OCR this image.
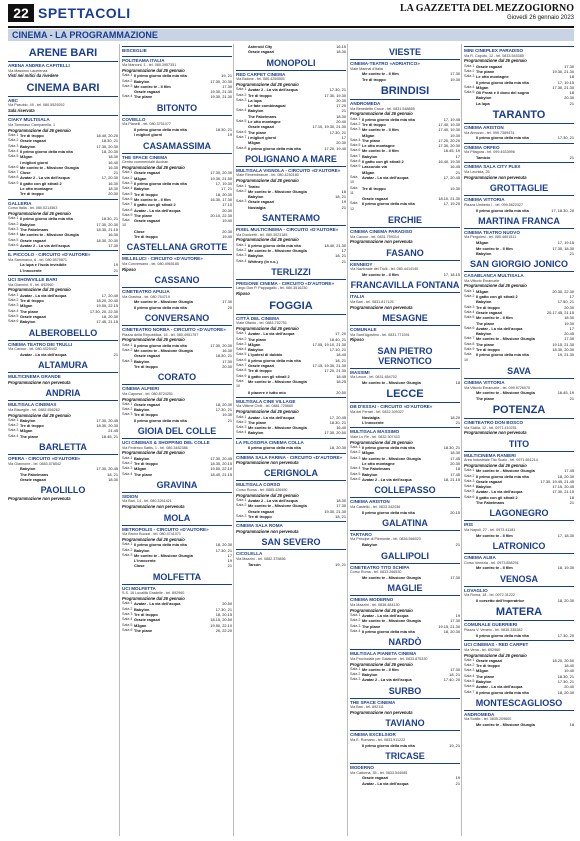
22 SPETTACOLI	LA GAZZETTA DEL MEZZOGIORNO
Giovedì 26 gennaio 2023
CINEMA - LA PROGRAMMAZIONE
ARENE BARI
ARENA ANDREA CAPITELLI
Via Massimo Lacerenza
Visti nei mitici da rivedere
CINEMA BARI
ABC
Via Pasubio, 49 - tel. 080.5529292
Sala riservata
CIAKY MULTISALA
Via Tommaso Campanella, 1
Programmazione dal 26 gennaio
Sala 1 Tre di troppo	18.40, 20.20
Sala 2 Grazie ragazzi	18.30, 21
Sala 3 Babylon	17.30, 20.30
Sala 4 Il primo giorno della mia vita	18, 20.30
Sala 5 M3gan	18.30
I migliori giorni	16.40
Sala 6 Me contro te - Missione Giungla	16.30
Sala 7 Close	21
Sala 8 Avatar 2 - La via dell'acqua	17, 20.30
Sala 9 Il gatto con gli stivali 2	16.30
Le otto montagne	18.30
Tre di troppo	20.30
GALLERIA
Corso Italia - tel. 080.5214563
Programmazione dal 26 gennaio
Sala 1 Il primo giorno della mia vita	18.30, 21
Sala 2 Babylon	17.30, 20.30
Sala 3 The Fabelmans	18.30, 21.15
Sala 4 Me contro te - Missione Giungla	16.30
Sala 5 Grazie ragazzi	18.30, 20.30
Sala 6 Avatar 2 - La via dell'acqua	17.30
IL PICCOLO - CIRCUITO «D'AUTORE»
Via Sammarco, 6 - tel. 080.5579871
La lupa e l'isola invisibile	19
L'innocente	21
UCI SHOWVILLE BARI
Via Giannini, 9 - tel. 892960
Programmazione dal 26 gennaio
Sala 1 Avatar - La via dell'acqua	17, 20.40
Sala 2 Tre di troppo	18.20, 20.40
Sala 3 M3gan	19.50, 22.15
Sala 4 The plane	17.30, 20, 22.30
Sala 5 Grazie ragazzi	18, 20.30
Sala 6 Babylon	17.45, 21.15
ALBEROBELLO
CINEMA TEATRO DEI TRULLI
Via Cavour - tel. 080.4325442
Avatar - La via dell'acqua	21
ALTAMURA
MULTICINEMA GRANDE
Programmazione non pervenuta
ANDRIA
MULTISALA CINEMAX
Via Bisceglie - tel. 0883.556262
Programmazione dal 26 gennaio
Sala 1 Babylon	17.30, 20.45
Sala 2 Tre di troppo	18.30, 20.30
Sala 3 M3gan	21.45
Sala 4 The plane	18.45, 21
BARLETTA
OPERA - CIRCUITO «D'AUTORE»
Via Giannone - tel. 0883.578542
Babylon	17.30, 20.45
The Fabelmans	18, 21
Grazie ragazzi	18.30
PAOLILLO
Programmazione non pervenuta
BISCEGLIE
POLITEAMA ITALIA
Via Marconi, 1 - tel. 080.3957351
Programmazione dal 26 gennaio
Sala 1 Il primo giorno della mia vita	19, 21
Sala 2 Babylon	17.30, 20.30
Sala 3 Me contro te - Il film	17.30
Grazie ragazzi	19.30, 21.30
Sala 4 The plane	19.30, 21.30
BITONTO
COVIELLO
Via Planelli - tel. 080.3751077
Il primo giorno della mia vita	18.30, 21
I migliori giorni	19
CASAMASSIMA
THE SPACE CINEMA
Centro commerciale Auchan
Programmazione dal 26 gennaio
Sala 1 Grazie ragazzi	17.30, 20.30
Sala 2 M3gan	19.30, 21.50
Sala 3 Il primo giorno della mia vita	17, 19.30
Sala 4 Babylon	17, 21
Sala 5 Tre di troppo	18, 20.30
Sala 6 Me contro te - Il film	16.30, 17.30
Sala 7 Il gatto con gli stivali 2	17.10
Sala 8 Avatar - La via dell'acqua	20.30
Sala 9 The plane	20.10, 22.30
Sala 10
Grazie ragazzi	19.40
Close	20.30
Tre di troppo	19.40
CASTELLANA GROTTE
MILLELUCI - CIRCUITO «D'AUTORE»
Via Conversano - tel. 080.4965185
Riposo
CASSANO
CINETEATRO APULIA
Via Gravina - tel. 080.764719
Me contro te - Missione Giungla	17.30
Il primo giorno della mia vita	20
CONVERSANO
CINETEATRO NORBA - CIRCUITO «D'AUTORE»
Piazza della Repubblica, 16 - tel. 080.4951757
Programmazione dal 26 gennaio
Sala 1 Il primo giorno della mia vita	17.30, 20.30
Sala 2 Me contro te - Missione Giungla	16.30
Grazie ragazzi	18.30, 21
Sala 3 Babylon	17.30
Tre di troppo	20.30
CORATO
CINEMA ALFIERI
Via Capurso - tel. 080.8724251
Programmazione dal 26 gennaio
Sala 1 Grazie ragazzi	18, 20.30
Sala 2 Babylon	17.30, 21
Sala 3 Tre di troppo	19.30
Il primo giorno della mia vita	21
GIOIA DEL COLLE
UCI CINEMAS & SHOPPING DEL COLLE
Via Federico Sattis, 1 - tel. 080.3482386
Programmazione dal 26 gennaio
Sala 1 Babylon	17.30, 20.45
Sala 2 Tre di troppo	18.30, 20.15
Sala 3 M3gan	19.50, 22.10
Sala 4 The plane	18.40, 21.15
GRAVINA
SIDION
Via Bari, 14 - tel. 080.3261421
Programmazione non pervenuta
MOLA
METROPOLIS - CIRCUITO «D'AUTORE»
Via Bruno Buozzi - tel. 080.4741071
Programmazione dal 26 gennaio
Sala 1 Il primo giorno della mia vita	18, 20.30
Sala 2 Babylon	17.30, 21
Sala 3 Me contro te - Missione Giungla	17
L'innocente	19
Close	21
MOLFETTA
UCI MOLFETTA
S.S. 16 Località Gradelle - tel. 892960
Programmazione dal 26 gennaio
Sala 1 Avatar - La via dell'acqua	20.50
Sala 2 Babylon	17.30, 21
Sala 3 Tre di troppo	18, 20.15
Sala 4 Grazie ragazzi	18.15, 20.50
Sala 5 M3gan	19.50, 22.10
Sala 6 The plane	20, 22.20
Asteroid City	16.15
Grazie ragazzi	18.30
MONOPOLI
RED CARPET CINEMA
Via Baione - tel. 080.4255555
Programmazione dal 26 gennaio
Sala 1 Avatar 2 - La via dell'acqua	17.30, 21
Sala 2 Tre di troppo	17.30, 19.30
Sala 3 La lupa	20.30
Le fate combinaguai	17.20
Sala 4 Babylon	21
The Fabelmans	18.30
Sala 5 Le otto montagne	20.40
Grazie ragazzi	17.10, 19.30, 21.30
Sala 6 The plane	17.30, 21
Sala 7 I migliori giorni	17
M3gan	20.30
Sala 8 Il primo giorno della mia vita	17.20, 19.40
POLIGNANO A MARE
MULTISALA VIGNOLA - CIRCUITO «D'AUTORE»
Viale Rimembranze - tel. 080.4240180
Programmazione dal 26 gennaio
Sala 1 Teatro
Sala 2 Me contro te - Missione Giungla	16
Babylon	18, 21
Sala 3 Grazie ragazzi	19
Nostalgia	21
SANTERAMO
PIXEL MULTICINEMA - CIRCUITO «D'AUTORE»
Via Donizetti - tel. 080.3023185
Programmazione dal 26 gennaio
Sala 1 Il primo giorno della mia vita	18.40, 21.30
Sala 2 Me contro te - Missione Giungla	17
Sala 3 Babylon	18, 21
Sala 4 Whitney (In v.o.)	21
TERLIZZI
PRIGIONE CINEMA - CIRCUITO «D'AUTORE»
Largo Don P. Pappagallo - tel. 080.3516230
Riposo
FOGGIA
CITTÀ DEL CINEMA
Viale Ofanto - tel. 0881.752751
Programmazione dal 26 gennaio
Sala 1 Avatar - La via dell'acqua	17, 20
Sala 2 The plane	18.40, 21
Sala 3 M3gan	17.05, 19.10, 21.30
Sala 4 Babylon	17.10, 21
Sala 5 L'ipotesi di dubbio	18.40
Sala 6 Il primo giorno della mia vita	18, 21
Sala 7 Grazie ragazzi	17.15, 19.30, 21.30
Sala 8 Tre di troppo	17.20, 21.30
Sala 9 Il gatto con gli stivali 2	18.45
Sala 10
Me contro te - Missione Giungla	18.25
Il piacere è tutto mio	20.50
MULTISALA CINE VILLAGE
Via Vittime Civili - tel. 0881.725660
Programmazione dal 26 gennaio
Sala 1 Avatar - La via dell'acqua	17, 20.45
Sala 2 The plane	18.30, 21
Sala 3 Me contro te - Missione Giungla	16.40
Sala 4 Babylon	17.30, 20.50
LA FILOSOFIA CINEMA COLLA
Il primo giorno della mia vita	18, 20.30
CINEMA SALA FARINA - CIRCUITO «D'AUTORE»
Programmazione non pervenuta
CERIGNOLA
MULTISALA CORSO
Corso Roma - tel. 0885.426490
Programmazione dal 26 gennaio
Sala 1 Avatar 2 - La via dell'acqua	18.30
Sala 2 Me contro te - Missione Giungla	17.30
Grazie ragazzi	19.30, 21.30
Sala 3 Tre di troppo	18, 21
CINEMA SALA ROMA
Programmazione non pervenuta
SAN SEVERO
CICOLELLA
Via Mazzini - tel. 0882.375856
Tarcón	19, 21
VIESTE
CINEMA-TEATRO «ADRIATICO»
Viale Marinai d'Italia
Me contro te - Il film	17.30
Tre di troppo	19.30
BRINDISI
ANDROMEDA
Via Benedetto Croce - tel. 0831.548855
Programmazione dal 26 gennaio
Sala 1 Il primo giorno della mia vita	17, 19.45
Sala 2 Tre di troppo	17.40, 19.30
Sala 3 Me contro te - Il film	17.40, 19.30
M3gan	19.30
Sala 4 The plane	17.20, 20.20
Sala 5 Le otto montagne	17.30, 20.30
Sala 6 Me contro te - Il film	16.45, 19
Sala 7 Babylon	17
Sala 8 Il gatto con gli stivali 2	16.40, 19.30
Sala 9 Lascondo via	16.45
M3gan	21
Sala 10
Avatar - La via dell'acqua	17, 20.45
Sala 11
Tre di troppo	19.30
Grazie ragazzi	18.10, 21.30
Sala 12
Il primo giorno della mia vita	17, 19.20
ERCHIE
CINEMA CINEMA PARADISO
Via Cavour - tel. 0831.759314
Programmazione non pervenuta
FASANO
KENNEDY
Via Nazionale dei Trulli - tel. 080.4414140
Me contro te - Il film	17, 18.15
FRANCAVILLA FONTANA
ITALIA
Via Bari - tel. 0831.817125
Programmazione non pervenuta
MESAGNE
COMUNALE
Via Sant'Agostino - tel. 0831.771591
Riposo
SAN PIETRO VERNOTICO
MASSIMI
Via Lecce - tel. 0831.654702
Me contro te - Missione Giungla	18
LECCE
DB D'ESSAI - CIRCUITO «D'AUTORE»
Via dei Ferrari - tel. 0832.309327
Nostalgia	18.20
L'innocente	21
MULTISALA MASSIMO
Viale Lo Re - tel. 0832.307433
Programmazione dal 26 gennaio
Sala 1 Il primo giorno della mia vita	18.30, 21
Sala 2 M3gan	18.30
Sala 3 Me contro te - Missione Giungla	17.45
Le otto montagne	20.30
Sala 4 The Fabelmans	18
Sala 5 Babylon	17.45
Sala 6 Avatar 2 - La via dell'acqua	18, 21.15
COLLEPASSO
CINEMA ARISTON
Via Castello - tel. 0833.342036
Il primo giorno della mia vita	20.15
GALATINA
TARTARO
Via Principe di Piemonte - tel. 0836.566023
Babylon	21
GALLIPOLI
CINETEATRO TITO SCHIPA
Corso Roma - tel. 0833.266530
Me contro te - Missione Giungla	17.30
MAGLIE
CINEMA MODERNO
Via Mazzini - tel. 0836.484130
Programmazione dal 26 gennaio
Sala 1 Avatar - La via dell'acqua	19
Sala 2 Me contro te - Missione Giungla	17.30
Sala 3 The plane	19.15, 21.30
Sala 4 Il primo giorno della mia vita	18, 20.30
NARDÒ
MULTISALA PIANETA CINEMA
Via Provinciale per Galatone - tel. 0833.875330
Programmazione dal 26 gennaio
Sala 1 Me contro te - Il film	17.30
Sala 2 Babylon	18, 21
Sala 3 Avatar 2 - La via dell'acqua	17.40, 20
SURBO
THE SPACE CINEMA
Via Bari - tel. 892111
Programmazione non pervenuta
TAVIANO
CINEMA EXCELSIOR
Via E. Romano - tel. 0833.911222
Il primo giorno della mia vita	19, 21
TRICASE
MODERNO
Via Cadorna, 35 - tel. 0833.544085
Grazie ragazzi	19
Avatar - La via dell'acqua	21
MINI CINEPLEX PARADISO
Via R. Caputo, 12 - tel. 0833.545385
Programmazione dal 26 gennaio
Sala 1 Grazie ragazzi	17.30
Sala 2 The plane	19.30, 21.30
Sala 3 Le otto montagne	18
Il primo giorno della mia vita	17, 19.15
Sala 4 M3gan	17.30, 21.30
Sala 5 Gli Freak e il dono del sogno	18
Babylon	20.30
La lupa	21
TARANTO
CINEMA ARISTON
Via Abruzzo - tel. 099.7369474
Il primo giorno della mia vita	17.30, 21
CINEMA ORFEO
Via Pitagora - tel. 099.4533996
Tamicio	21
CINEMA SALA CITY PLEX
Via Leonida, 25
Programmazione non pervenuta
GROTTAGLIE
CINEMA VITTORIA
Piazza Umberto I - tel. 099.5622327
Il primo giorno della mia vita	17, 18.30, 20
MARTINA FRANCA
CINEMA TEATRO NUOVO
Via Pergolesi - tel. 080.4801511
M3gan	17, 19.15
Me contro te - Il film	17.30, 18.30
Babylon	21
SAN GIORGIO JONICO
CASABLANCA MULTISALA
Via Vittorio Emanuele
Programmazione dal 26 gennaio
Sala 1 M3gan	20.30, 22.30
Sala 2 Il gatto con gli stivali 2	17
Babylon	17.50, 21
Sala 3 Tre di troppo	20.30
Sala 4 Grazie ragazzi	20.17.45, 21.15
Sala 5 Me contro te - Il film	18.30
The plane	19.30
Sala 6 Avatar - La via dell'acqua	17
Babylon	20.45
Sala 7 Me contro te - Missione Giungla	17.30
Sala 8 The plane	19.15, 21.30
Sala 9 Tre di troppo	18.30, 20.30
Sala 10
Il primo giorno della mia vita	19, 21.30
SAVA
CINEMA VITTORIA
Via Vittorio Emanuele - tel. 099.9726070
Me contro te - Missione Giungla	16.45, 19
The plane	21
POTENZA
CINETEATRO DON BOSCO
Via Sicilia, 12 - tel. 0971.410251
Programmazione non pervenuta
TITO
MULTICINEMA RANIERI
Area Industriale Tito Scalo - tel. 0971.651214
Programmazione dal 26 gennaio
Sala 1 Me contro te - Missione Giungla	17.45
Sala 2 Il primo giorno della mia vita	18, 20.30
Sala 3 Grazie ragazzi	17.30, 19.45, 21.45
Sala 4 Babylon	17.15, 20.45
Sala 5 Avatar - La via dell'acqua	17.30, 21.15
Sala 6 Il gatto con gli stivali 2	18
The Fabelmans	21
LAGONEGRO
IRIS
Via Napoli, 27 - tel. 0973.41181
Me contro te - Il film	17, 18.30
LATRONICO
CINEMA ALBA
Corso Venezia - tel. 0973.858291
Me contro te - Il film	18, 19.30
VENOSA
LOVAGLIO
Via Roma, 18 - tel. 0972.31222
Il corsetto dell'imperatrice	18, 20.30
MATERA
COMUNALE GUERRIERI
Piazza V. Veneto - tel. 0835.335282
Il primo giorno della mia vita	17.30, 20
UCI CINEMAS - RED CARPET
Via Vena - tel. 892960
Programmazione dal 26 gennaio
Sala 1 Grazie ragazzi	18.20, 20.50
Sala 2 Tre di troppo	18.40
Sala 3 M3gan	19.40
Sala 4 The plane	18.30, 21
Sala 5 Babylon	17.30, 21
Sala 6 Avatar - La via dell'acqua	20.40
Sala 7 Il primo giorno della mia vita	18, 20.30
MONTESCAGLIOSO
ANDROMEDA
Via Sottile - tel. 0835.209600
Me contro te - Missione Giungla	18
